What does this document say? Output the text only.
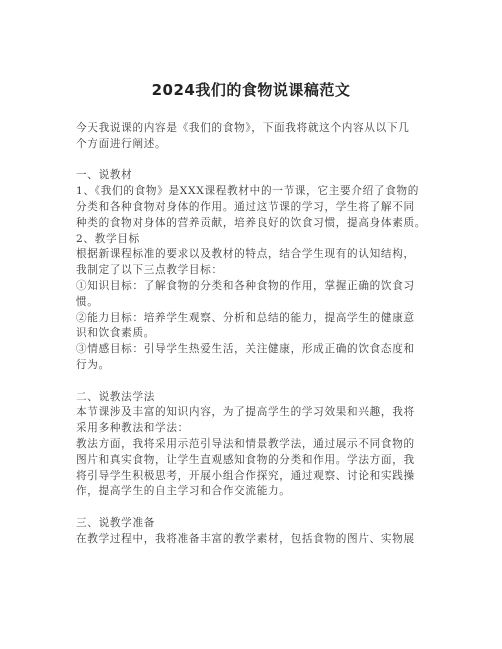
2024我们的食物说课稿范文
今天我说课的内容是《我们的食物》，下面我将就这个内容从以下几
个方面进行阐述。
一、说教材
1、《我们的食物》是XXX课程教材中的一节课，它主要介绍了食物的
分类和各种食物对身体的作用。通过这节课的学习，学生将了解不同
种类的食物对身体的营养贡献，培养良好的饮食习惯，提高身体素质。
2、教学目标
根据新课程标准的要求以及教材的特点，结合学生现有的认知结构，
我制定了以下三点教学目标：
①知识目标：了解食物的分类和各种食物的作用，掌握正确的饮食习
惯。
②能力目标：培养学生观察、分析和总结的能力，提高学生的健康意
识和饮食素质。
③情感目标：引导学生热爱生活，关注健康，形成正确的饮食态度和
行为。
二、说教法学法
本节课涉及丰富的知识内容，为了提高学生的学习效果和兴趣，我将
采用多种教法和学法：
教法方面，我将采用示范引导法和情景教学法，通过展示不同食物的
图片和真实食物，让学生直观感知食物的分类和作用。学法方面，我
将引导学生积极思考，开展小组合作探究，通过观察、讨论和实践操
作，提高学生的自主学习和合作交流能力。
三、说教学准备
在教学过程中，我将准备丰富的教学素材，包括食物的图片、实物展
